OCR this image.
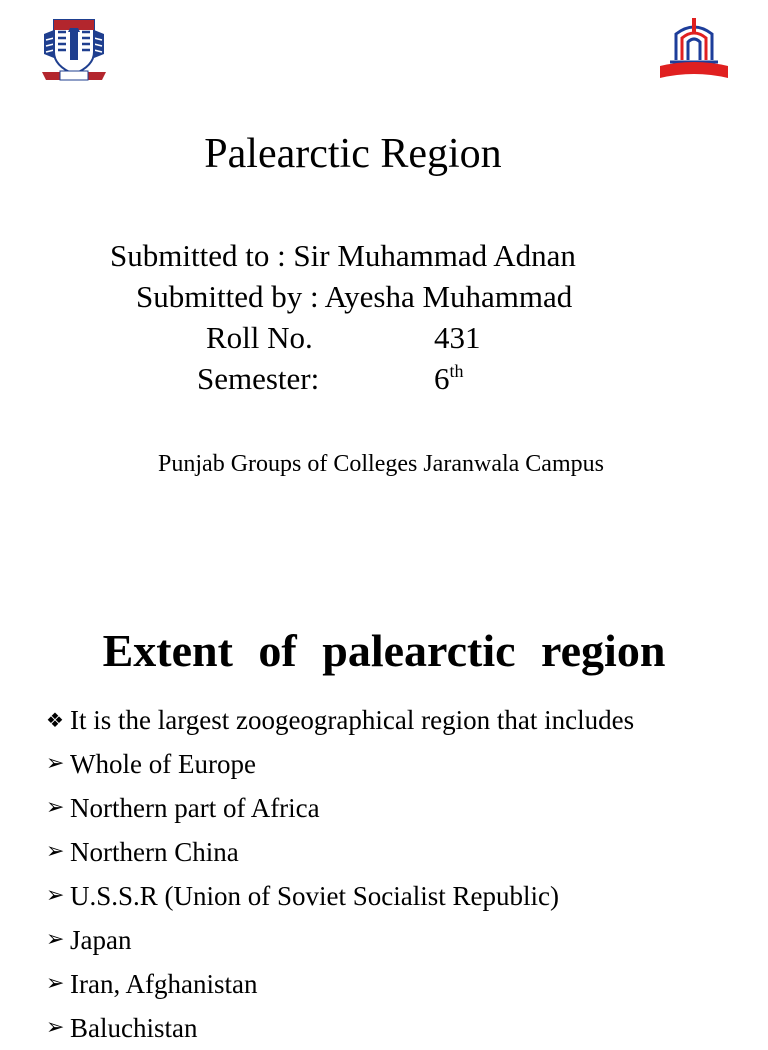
Palearctic Region
Submitted to : Sir Muhammad Adnan
Submitted by : Ayesha Muhammad
Roll No.	431
Semester:	6th
Punjab Groups of Colleges Jaranwala Campus
Extent of palearctic region
❖ It is the largest zoogeographical region that includes
➢ Whole of Europe
➢ Northern part of Africa
➢ Northern China
➢ U.S.S.R (Union of Soviet Socialist Republic)
➢ Japan
➢ Iran, Afghanistan
➢ Baluchistan
